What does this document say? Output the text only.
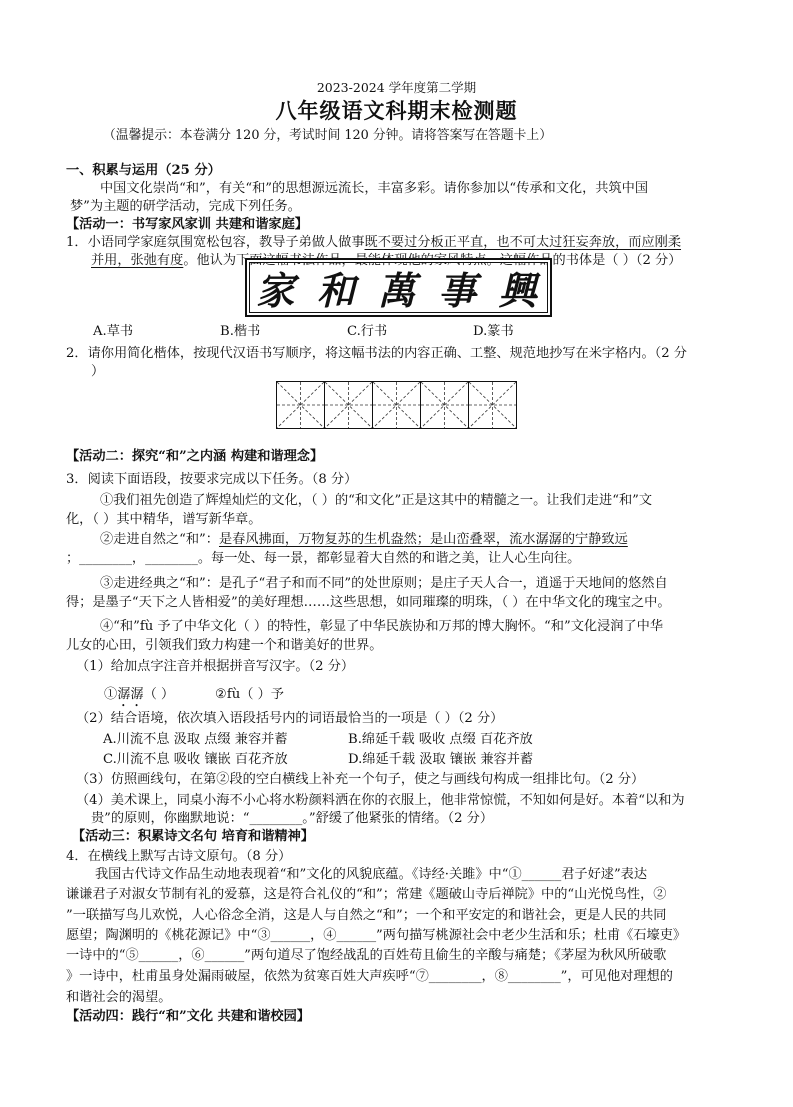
2023-2024 学年度第二学期
八年级语文科期末检测题
（温馨提示：本卷满分 120 分，考试时间 120 分钟。请将答案写在答题卡上）
一、积累与运用（25 分）
中国文化崇尚“和”，有关“和”的思想源远流长，丰富多彩。请你参加以“传承和文化，共筑中国
梦”为主题的研学活动，完成下列任务。
【活动一：书写家风家训 共建和谐家庭】
1．小语同学家庭氛围宽松包容，教导子弟做人做事既不要过分板正平直，也不可太过狂妄奔放，而应刚柔
并用，张弛有度。他认为下面这幅书法作品，最能体现他的家风特点。这幅作品的书体是（ ）（2 分）
家 和 萬 事 興
A.草书	B.楷书	C.行书	D.篆书
2．请你用简化楷体，按现代汉语书写顺序，将这幅书法的内容正确、工整、规范地抄写在米字格内。（2 分
）
【活动二：探究“和”之内涵 构建和谐理念】
3．阅读下面语段，按要求完成以下任务。（8 分）
①我们祖先创造了辉煌灿烂的文化，（ ）的“和文化”正是这其中的精髓之一。让我们走进“和”文
化，（ ）其中精华，谱写新华章。
②走进自然之“和”：是春风拂面，万物复苏的生机盎然；是山峦叠翠，流水潺潺的宁静致远
；________，________。每一处、每一景，都彰显着大自然的和谐之美，让人心生向往。
③走进经典之“和”：是孔子“君子和而不同”的处世原则；是庄子天人合一，逍遥于天地间的悠然自
得；是墨子“天下之人皆相爱”的美好理想……这些思想，如同璀璨的明珠，（ ）在中华文化的瑰宝之中。
④“和”fù 予了中华文化（ ）的特性，彰显了中华民族协和万邦的博大胸怀。“和”文化浸润了中华
儿女的心田，引领我们致力构建一个和谐美好的世界。
（1）给加点字注音并根据拼音写汉字。（2 分）
①潺潺（ ）	②fù（ ）予
（2）结合语境，依次填入语段括号内的词语最恰当的一项是（ ）（2 分）
A.川流不息 汲取 点缀 兼容并蓄	B.绵延千载 吸收 点缀 百花齐放
C.川流不息 吸收 镶嵌 百花齐放	D.绵延千载 汲取 镶嵌 兼容并蓄
（3）仿照画线句，在第②段的空白横线上补充一个句子，使之与画线句构成一组排比句。（2 分）
（4）美术课上，同桌小海不小心将水粉颜料洒在你的衣服上，他非常惊慌，不知如何是好。本着“以和为
贵”的原则，你幽默地说：“________。”舒缓了他紧张的情绪。（2 分）
【活动三：积累诗文名句 培育和谐精神】
4．在横线上默写古诗文原句。（8 分）
我国古代诗文作品生动地表现着“和”文化的风貌底蕴。《诗经·关雎》中“①______君子好逑”表达
谦谦君子对淑女节制有礼的爱慕，这是符合礼仪的“和”；常建《题破山寺后禅院》中的“山光悦鸟性，②
”一联描写鸟儿欢悦，人心俗念全消，这是人与自然之“和”；一个和平安定的和谐社会，更是人民的共同
愿望；陶渊明的《桃花源记》中“③______，④______”两句描写桃源社会中老少生活和乐；杜甫《石壕吏》
一诗中的“⑤______，⑥______”两句道尽了饱经战乱的百姓苟且偷生的辛酸与痛楚；《茅屋为秋风所破歌
》一诗中，杜甫虽身处漏雨破屋，依然为贫寒百姓大声疾呼“⑦________，⑧________”，可见他对理想的
和谐社会的渴望。
【活动四：践行“和”文化 共建和谐校园】
